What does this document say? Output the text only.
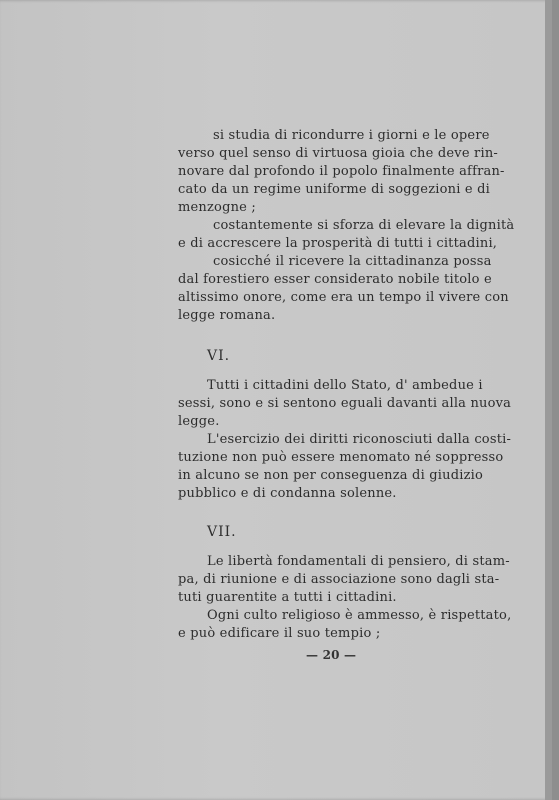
si studia di ricondurre i giorni e le opere
verso quel senso di virtuosa gioia che deve rin-
novare dal profondo il popolo finalmente affran-
cato da un regime uniforme di soggezioni e di
menzogne ;
costantemente si sforza di elevare la dignità
e di accrescere la prosperità di tutti i cittadini,
cosicché il ricevere la cittadinanza possa
dal forestiero esser considerato nobile titolo e
altissimo onore, come era un tempo il vivere con
legge romana.
VI.
Tutti i cittadini dello Stato, d' ambedue i
sessi, sono e si sentono eguali davanti alla nuova
legge.
L'esercizio dei diritti riconosciuti dalla costi-
tuzione non può essere menomato né soppresso
in alcuno se non per conseguenza di giudizio
pubblico e di condanna solenne.
VII.
Le libertà fondamentali di pensiero, di stam-
pa, di riunione e di associazione sono dagli sta-
tuti guarentite a tutti i cittadini.
Ogni culto religioso è ammesso, è rispettato,
e può edificare il suo tempio ;
— 20 —
